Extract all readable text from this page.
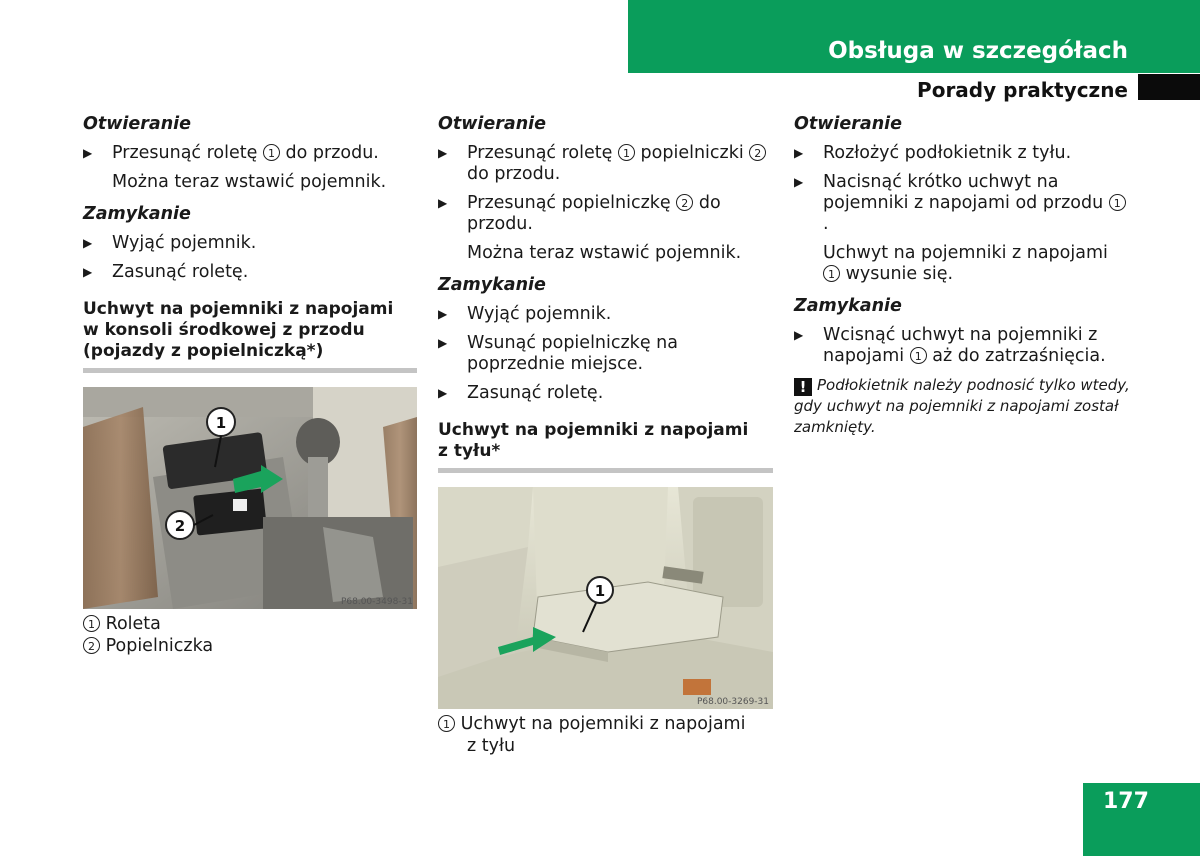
Obsługa w szczegółach
Porady praktyczne
Otwieranie
▶ Przesunąć roletę 1 do przodu.
Można teraz wstawić pojemnik.
Zamykanie
▶ Wyjąć pojemnik.
▶ Zasunąć roletę.
Uchwyt na pojemniki z napojami
w konsoli środkowej z przodu
(pojazdy z popielniczką*)
1
2
P68.00-3498-31
1 Roleta
2 Popielniczka
Otwieranie
▶ Przesunąć roletę 1 popielniczki 2 do przodu.
▶ Przesunąć popielniczkę 2 do przodu.
Można teraz wstawić pojemnik.
Zamykanie
▶ Wyjąć pojemnik.
▶ Wsunąć popielniczkę na poprzednie miejsce.
▶ Zasunąć roletę.
Uchwyt na pojemniki z napojami
z tyłu*
1
P68.00-3269-31
1 Uchwyt na pojemniki z napojami
z tyłu
Otwieranie
▶ Rozłożyć podłokietnik z tyłu.
▶ Nacisnąć krótko uchwyt na pojemniki z napojami od przodu 1.
Uchwyt na pojemniki z napojami 1 wysunie się.
Zamykanie
▶ Wcisnąć uchwyt na pojemniki z napojami 1 aż do zatrzaśnięcia.
! Podłokietnik należy podnosić tylko wtedy, gdy uchwyt na pojemniki z napojami został zamknięty.
177
